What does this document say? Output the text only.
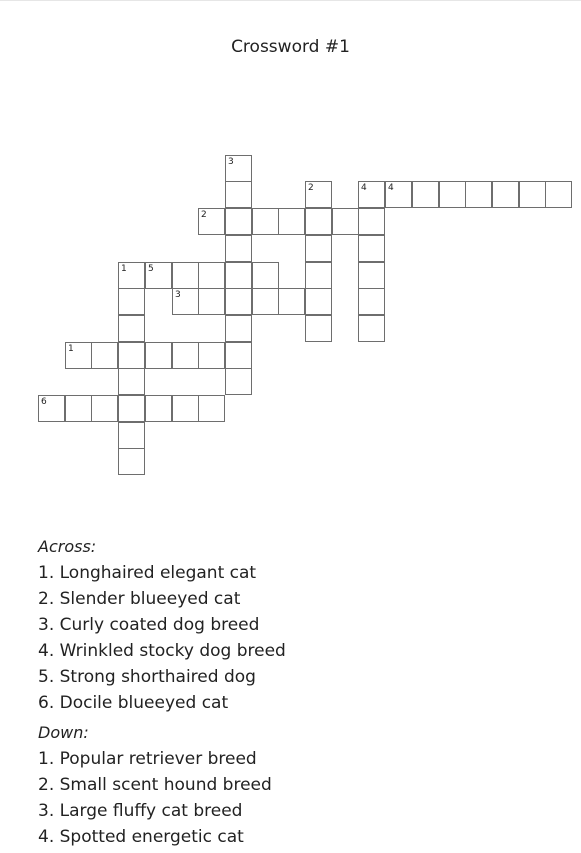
Crossword #1
1
2
3
4
5
6
1
2
3
4
Across:
1. Longhaired elegant cat
2. Slender blueeyed cat
3. Curly coated dog breed
4. Wrinkled stocky dog breed
5. Strong shorthaired dog
6. Docile blueeyed cat
Down:
1. Popular retriever breed
2. Small scent hound breed
3. Large fluffy cat breed
4. Spotted energetic cat
